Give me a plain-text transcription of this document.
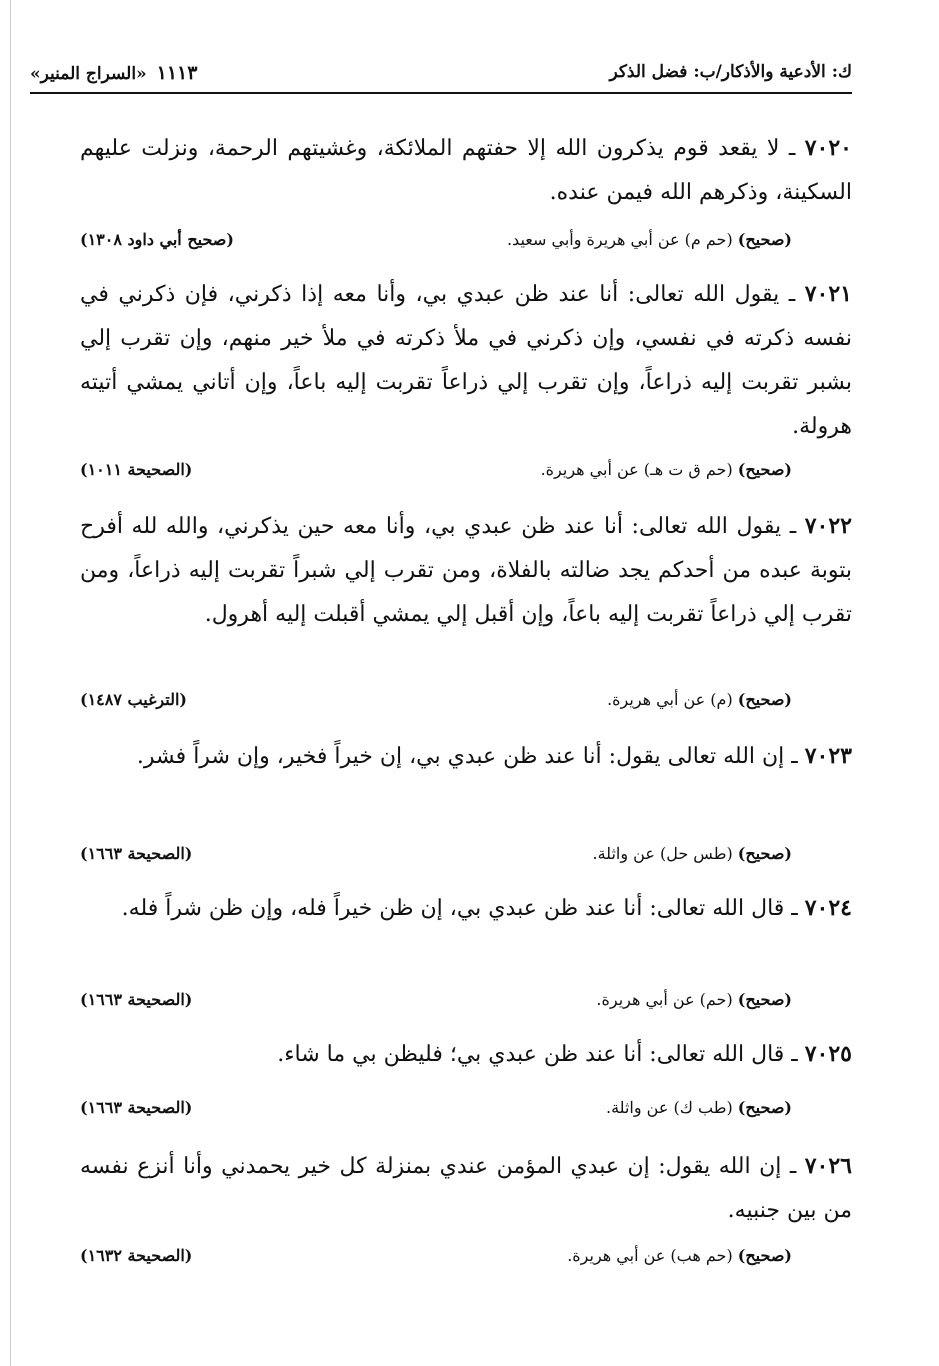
ك: الأدعية والأذكار/ب: فضل الذكر
١١١٣ «السراج المنير»
٧٠٢٠ ـ لا يقعد قوم يذكرون الله إلا حفتهم الملائكة، وغشيتهم الرحمة، ونزلت عليهم السكينة، وذكرهم الله فيمن عنده.
(صحيح) (حم م) عن أبي هريرة وأبي سعيد.
(صحيح أبي داود ١٣٠٨)
٧٠٢١ ـ يقول الله تعالى: أنا عند ظن عبدي بي، وأنا معه إذا ذكرني، فإن ذكرني في نفسه ذكرته في نفسي، وإن ذكرني في ملأ ذكرته في ملأ خير منهم، وإن تقرب إلي بشبر تقربت إليه ذراعاً، وإن تقرب إلي ذراعاً تقربت إليه باعاً، وإن أتاني يمشي أتيته هرولة.
(صحيح) (حم ق ت هـ) عن أبي هريرة.
(الصحيحة ١٠١١)
٧٠٢٢ ـ يقول الله تعالى: أنا عند ظن عبدي بي، وأنا معه حين يذكرني، والله لله أفرح بتوبة عبده من أحدكم يجد ضالته بالفلاة، ومن تقرب إلي شبراً تقربت إليه ذراعاً، ومن تقرب إلي ذراعاً تقربت إليه باعاً، وإن أقبل إلي يمشي أقبلت إليه أهرول.
(صحيح) (م) عن أبي هريرة.
(الترغيب ١٤٨٧)
٧٠٢٣ ـ إن الله تعالى يقول: أنا عند ظن عبدي بي، إن خيراً فخير، وإن شراً فشر.
(صحيح) (طس حل) عن واثلة.
(الصحيحة ١٦٦٣)
٧٠٢٤ ـ قال الله تعالى: أنا عند ظن عبدي بي، إن ظن خيراً فله، وإن ظن شراً فله.
(صحيح) (حم) عن أبي هريرة.
(الصحيحة ١٦٦٣)
٧٠٢٥ ـ قال الله تعالى: أنا عند ظن عبدي بي؛ فليظن بي ما شاء.
(صحيح) (طب ك) عن واثلة.
(الصحيحة ١٦٦٣)
٧٠٢٦ ـ إن الله يقول: إن عبدي المؤمن عندي بمنزلة كل خير يحمدني وأنا أنزع نفسه من بين جنبيه.
(صحيح) (حم هب) عن أبي هريرة.
(الصحيحة ١٦٣٢)
